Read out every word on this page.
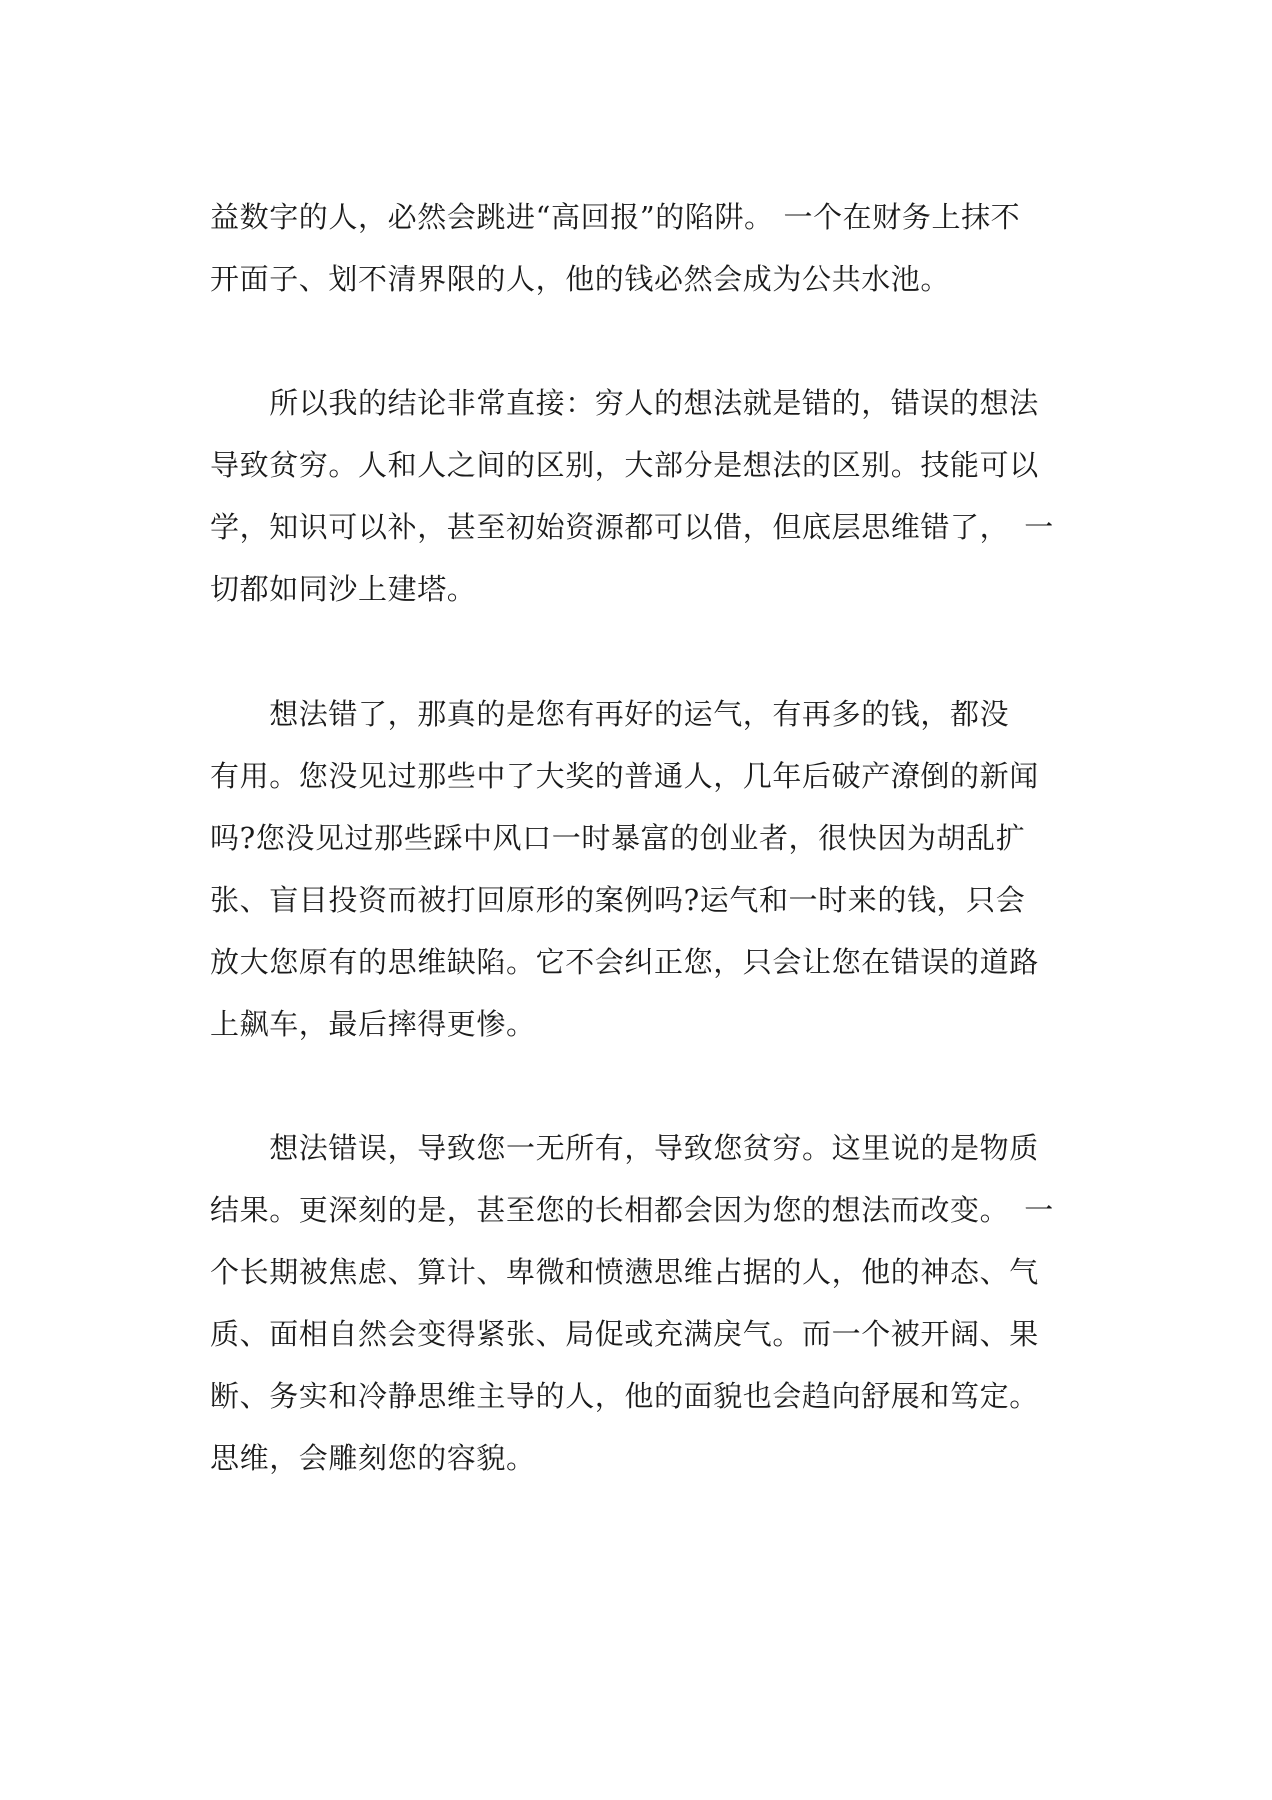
益数字的人，必然会跳进“高回报”的陷阱。 一个在财务上抹不
开面子、划不清界限的人，他的钱必然会成为公共水池。
　　所以我的结论非常直接：穷人的想法就是错的，错误的想法
导致贫穷。人和人之间的区别，大部分是想法的区别。技能可以
学，知识可以补，甚至初始资源都可以借，但底层思维错了，　一
切都如同沙上建塔。
　　想法错了，那真的是您有再好的运气，有再多的钱，都没
有用。您没见过那些中了大奖的普通人，几年后破产潦倒的新闻
吗?您没见过那些踩中风口一时暴富的创业者，很快因为胡乱扩
张、盲目投资而被打回原形的案例吗?运气和一时来的钱，只会
放大您原有的思维缺陷。它不会纠正您，只会让您在错误的道路
上飙车，最后摔得更惨。
　　想法错误，导致您一无所有，导致您贫穷。这里说的是物质
结果。更深刻的是，甚至您的长相都会因为您的想法而改变。　一
个长期被焦虑、算计、卑微和愤懑思维占据的人，他的神态、气
质、面相自然会变得紧张、局促或充满戾气。而一个被开阔、果
断、务实和冷静思维主导的人，他的面貌也会趋向舒展和笃定。
思维，会雕刻您的容貌。
